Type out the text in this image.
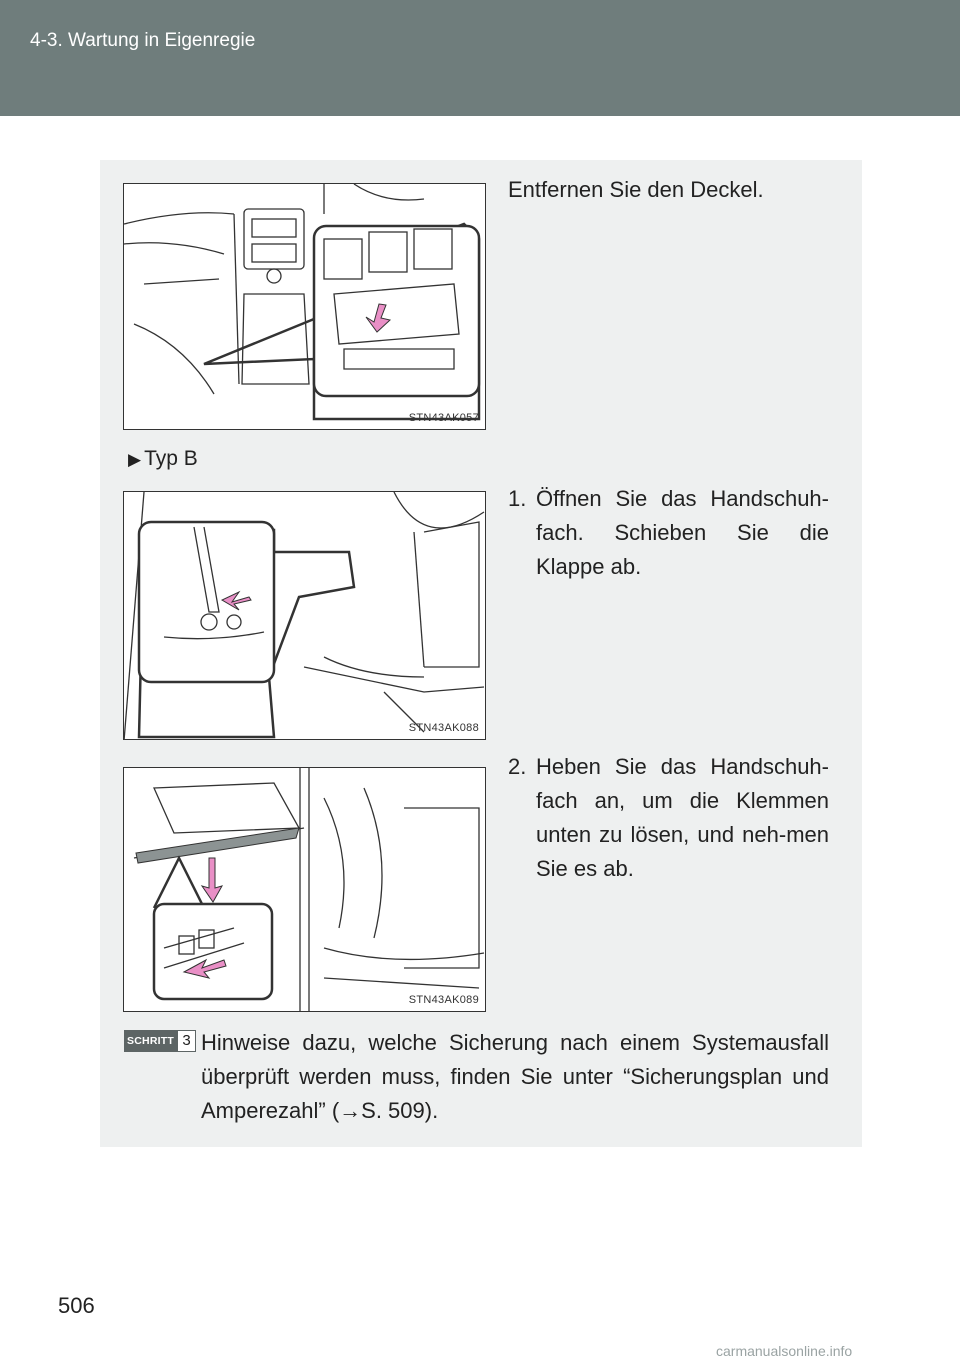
4-3. Wartung in Eigenregie
STN43AK057
Entfernen Sie den Deckel.
▶ Typ B
STN43AK088
1. Öffnen Sie das Handschuh-fach. Schieben Sie die Klappe ab.
STN43AK089
2. Heben Sie das Handschuh-fach an, um die Klemmen unten zu lösen, und neh-men Sie es ab.
SCHRITT 3 Hinweise dazu, welche Sicherung nach einem Systemausfall überprüft werden muss, finden Sie unter “Sicherungsplan und Amperezahl” (→S. 509).
506
carmanualsonline.info
